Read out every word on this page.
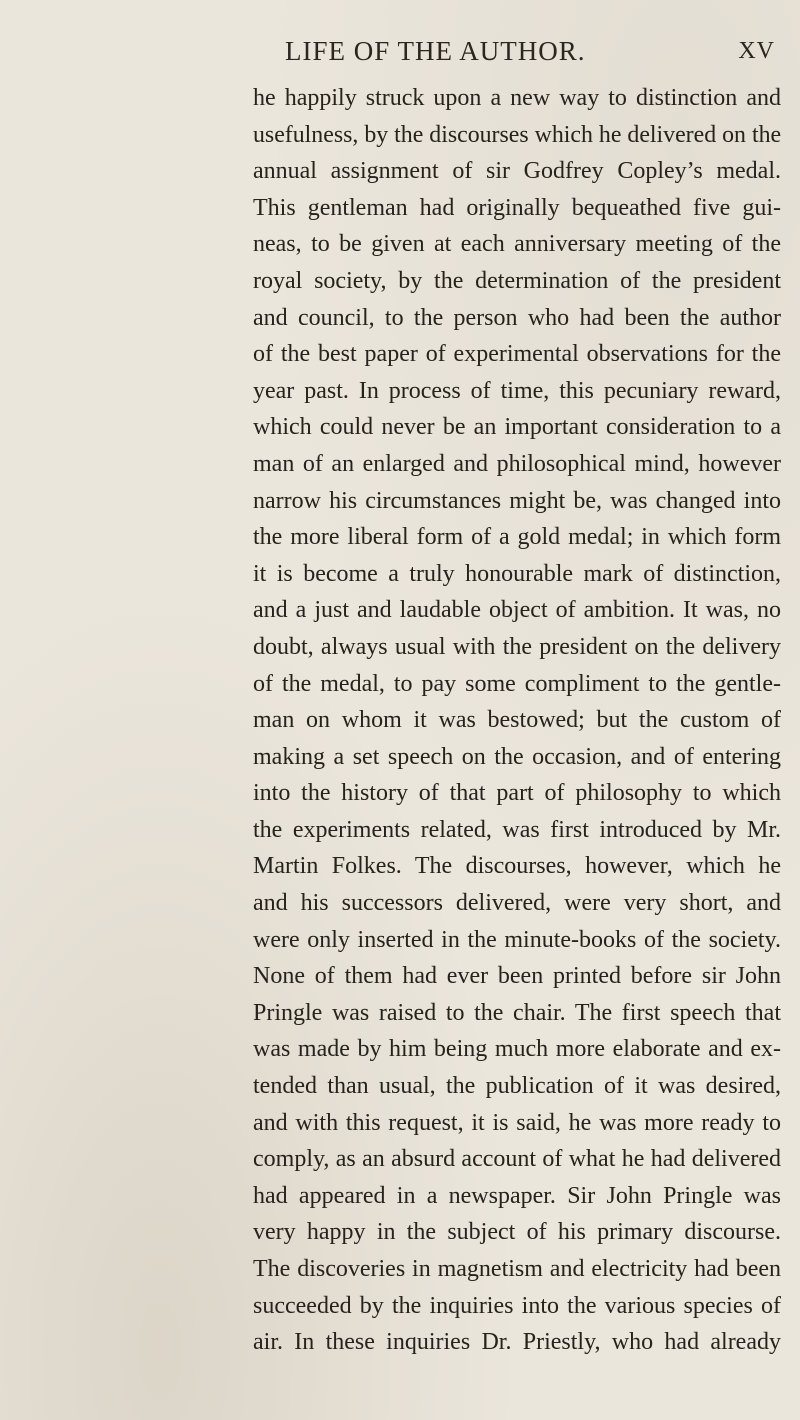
LIFE OF THE AUTHOR.	XV
he happily struck upon a new way to distinction and
usefulness, by the discourses which he delivered on the
annual assignment of sir Godfrey Copley’s medal.
This gentleman had originally bequeathed five gui-
neas, to be given at each anniversary meeting of the
royal society, by the determination of the president
and council, to the person who had been the author
of the best paper of experimental observations for the
year past. In process of time, this pecuniary reward,
which could never be an important consideration to a
man of an enlarged and philosophical mind, however
narrow his circumstances might be, was changed into
the more liberal form of a gold medal; in which form
it is become a truly honourable mark of distinction,
and a just and laudable object of ambition. It was, no
doubt, always usual with the president on the delivery
of the medal, to pay some compliment to the gentle-
man on whom it was bestowed; but the custom of
making a set speech on the occasion, and of entering
into the history of that part of philosophy to which
the experiments related, was first introduced by Mr.
Martin Folkes. The discourses, however, which he
and his successors delivered, were very short, and
were only inserted in the minute-books of the society.
None of them had ever been printed before sir John
Pringle was raised to the chair. The first speech that
was made by him being much more elaborate and ex-
tended than usual, the publication of it was desired,
and with this request, it is said, he was more ready to
comply, as an absurd account of what he had delivered
had appeared in a newspaper. Sir John Pringle was
very happy in the subject of his primary discourse.
The discoveries in magnetism and electricity had been
succeeded by the inquiries into the various species of
air. In these inquiries Dr. Priestly, who had already
